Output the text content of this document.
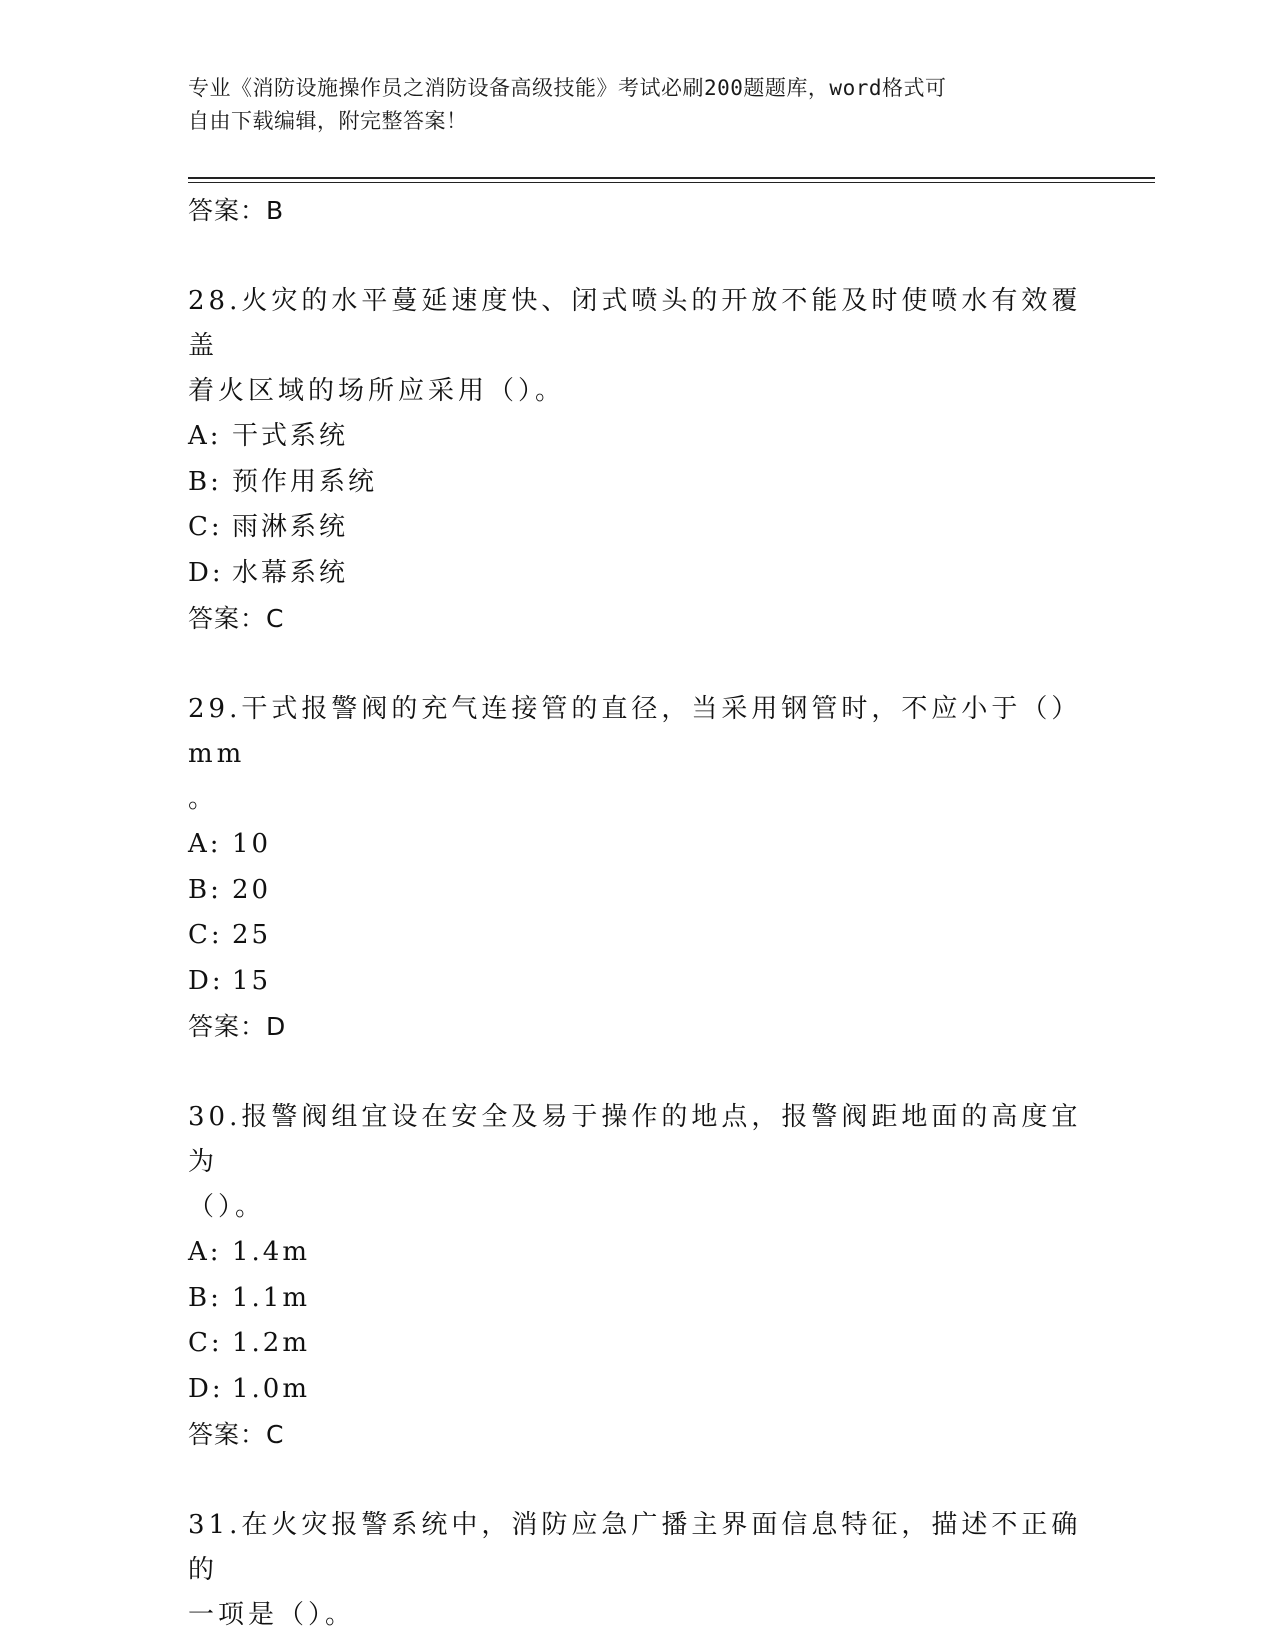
专业《消防设施操作员之消防设备高级技能》考试必刷200题题库，word格式可
自由下载编辑，附完整答案！
答案：B
28.火灾的水平蔓延速度快、闭式喷头的开放不能及时使喷水有效覆盖
着火区域的场所应采用（）。
A: 干式系统
B: 预作用系统
C: 雨淋系统
D: 水幕系统
答案：C
29.干式报警阀的充气连接管的直径，当采用钢管时，不应小于（）mm
。
A: 10
B: 20
C: 25
D: 15
答案：D
30.报警阀组宜设在安全及易于操作的地点，报警阀距地面的高度宜为
（）。
A: 1.4m
B: 1.1m
C: 1.2m
D: 1.0m
答案：C
31.在火灾报警系统中，消防应急广播主界面信息特征，描述不正确的
一项是（）。
